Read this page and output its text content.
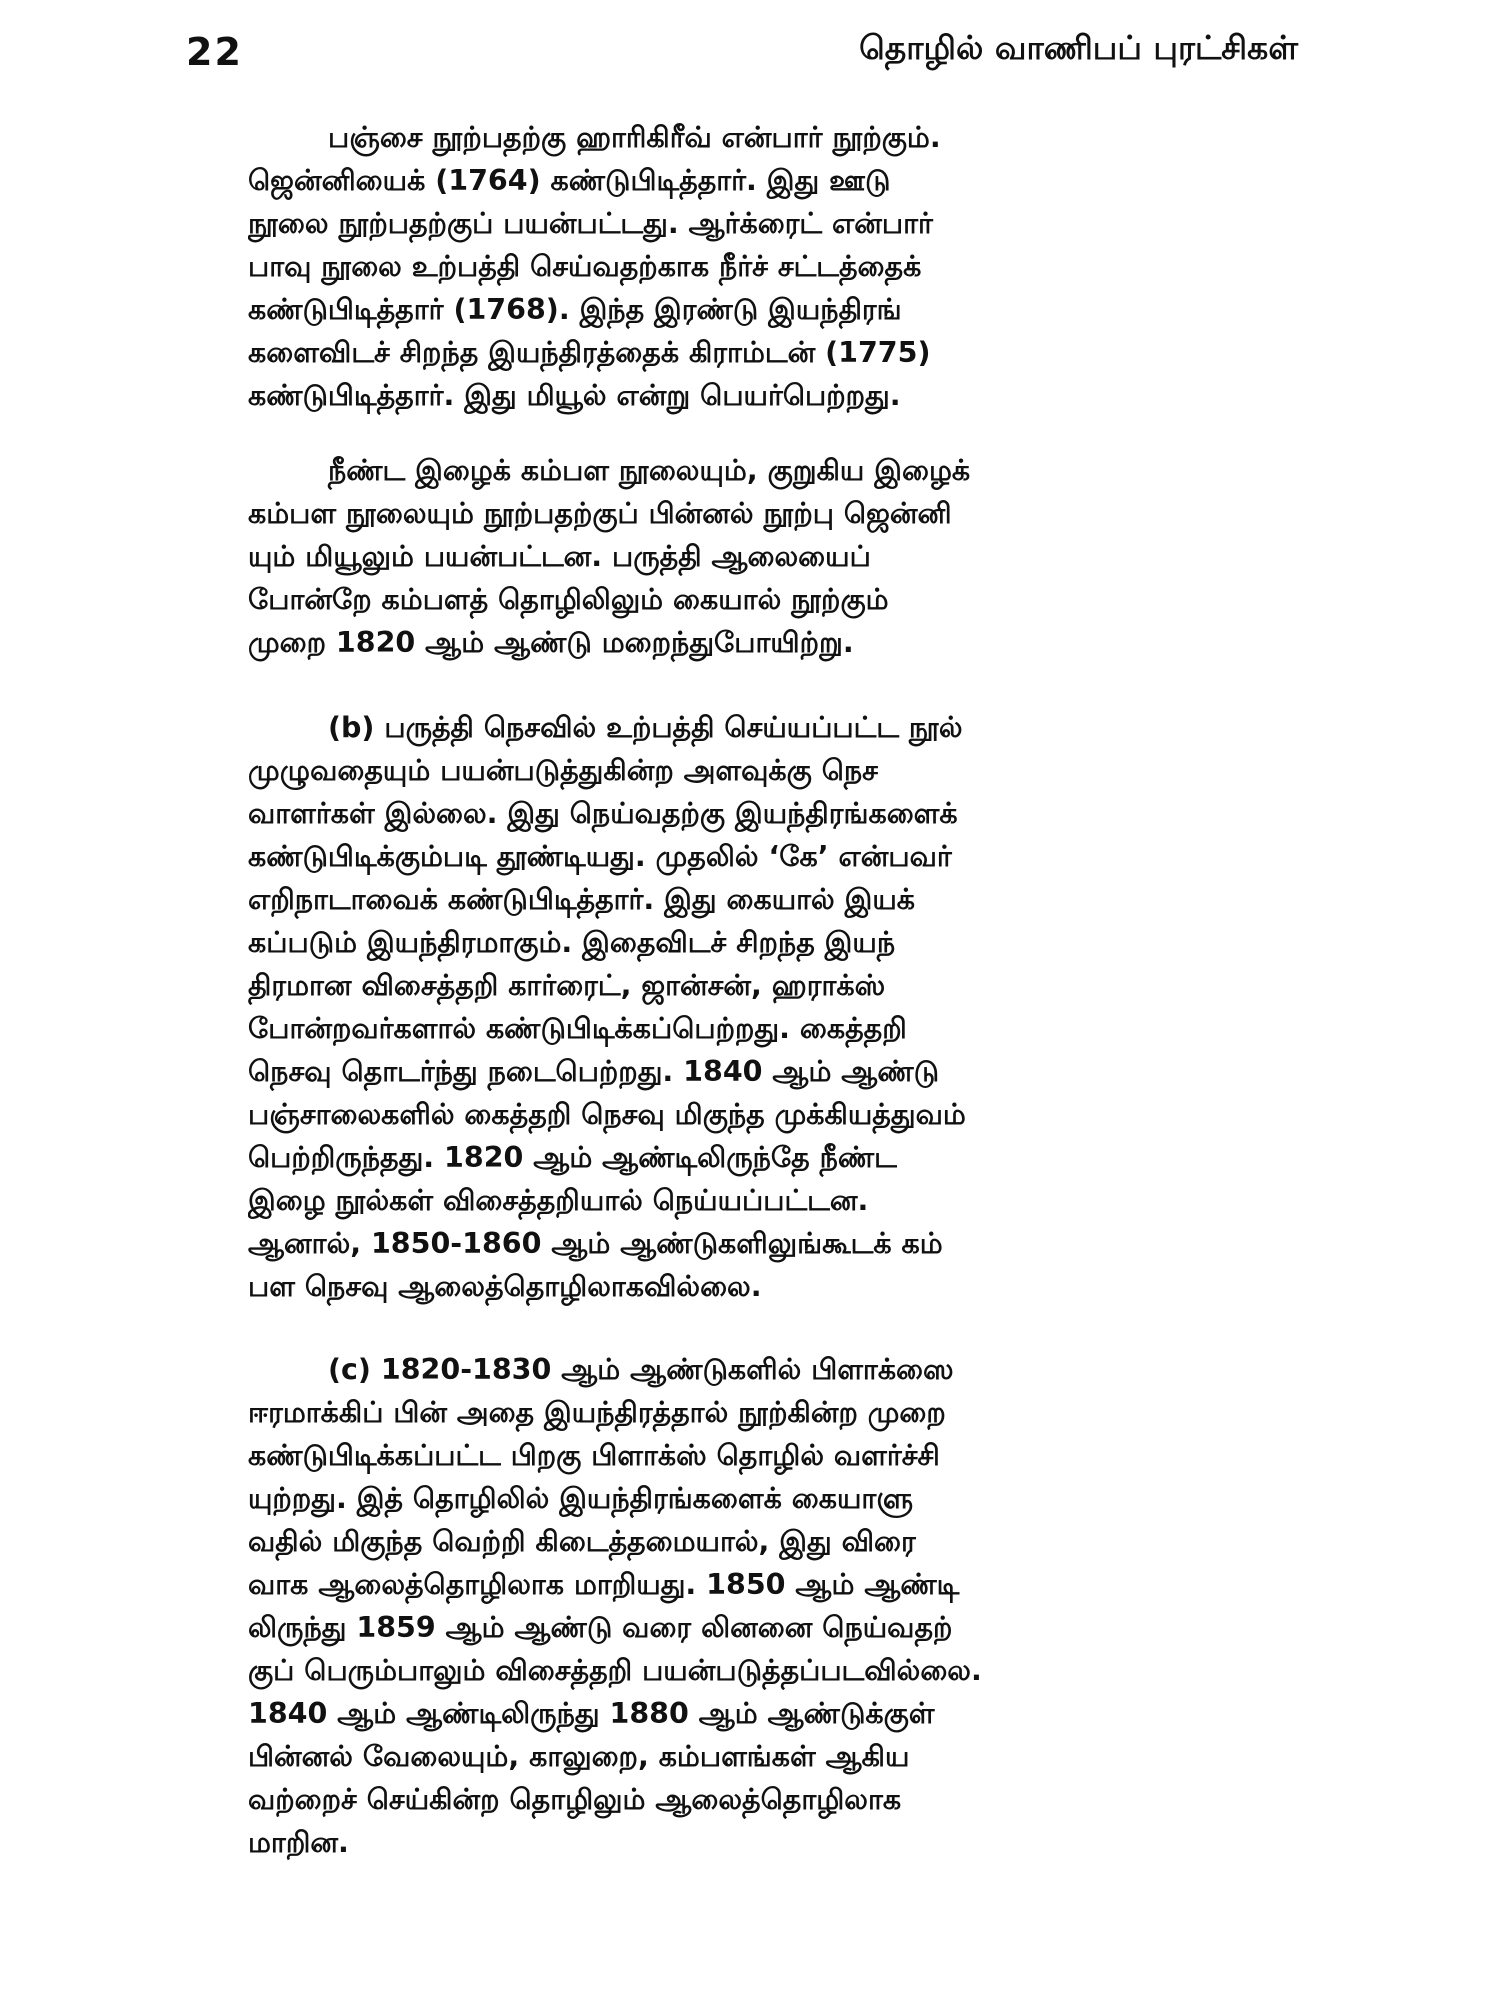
22	தொழில் வாணிபப் புரட்சிகள்

பஞ்சை நூற்பதற்கு ஹாரிகிரீவ் என்பார் நூற்கும்.
ஜென்னியைக் (1764) கண்டுபிடித்தார். இது ஊடு
நூலை நூற்பதற்குப் பயன்பட்டது. ஆர்க்ரைட் என்பார்
பாவு நூலை உற்பத்தி செய்வதற்காக நீர்ச் சட்டத்தைக்
கண்டுபிடித்தார் (1768). இந்த இரண்டு இயந்திரங்
களைவிடச் சிறந்த இயந்திரத்தைக் கிராம்டன் (1775)
கண்டுபிடித்தார். இது மியூல் என்று பெயர்பெற்றது.

நீண்ட இழைக் கம்பள நூலையும், குறுகிய இழைக்
கம்பள நூலையும் நூற்பதற்குப் பின்னல் நூற்பு ஜென்னி
யும் மியூலும் பயன்பட்டன. பருத்தி ஆலையைப்
போன்றே கம்பளத் தொழிலிலும் கையால் நூற்கும்
முறை 1820 ஆம் ஆண்டு மறைந்துபோயிற்று.

(b) பருத்தி நெசவில் உற்பத்தி செய்யப்பட்ட நூல்
முழுவதையும் பயன்படுத்துகின்ற அளவுக்கு நெச
வாளர்கள் இல்லை. இது நெய்வதற்கு இயந்திரங்களைக்
கண்டுபிடிக்கும்படி தூண்டியது. முதலில் ‘கே’ என்பவர்
எறிநாடாவைக் கண்டுபிடித்தார். இது கையால் இயக்
கப்படும் இயந்திரமாகும். இதைவிடச் சிறந்த இயந்
திரமான விசைத்தறி கார்ரைட், ஜான்சன், ஹராக்ஸ்
போன்றவர்களால் கண்டுபிடிக்கப்பெற்றது. கைத்தறி
நெசவு தொடர்ந்து நடைபெற்றது. 1840 ஆம் ஆண்டு
பஞ்சாலைகளில் கைத்தறி நெசவு மிகுந்த முக்கியத்துவம்
பெற்றிருந்தது. 1820 ஆம் ஆண்டிலிருந்தே நீண்ட
இழை நூல்கள் விசைத்தறியால் நெய்யப்பட்டன.
ஆனால், 1850-1860 ஆம் ஆண்டுகளிலுங்கூடக் கம்
பள நெசவு ஆலைத்தொழிலாகவில்லை.

(c) 1820-1830 ஆம் ஆண்டுகளில் பிளாக்ஸை
ஈரமாக்கிப் பின் அதை இயந்திரத்தால் நூற்கின்ற முறை
கண்டுபிடிக்கப்பட்ட பிறகு பிளாக்ஸ் தொழில் வளர்ச்சி
யுற்றது. இத் தொழிலில் இயந்திரங்களைக் கையாளு
வதில் மிகுந்த வெற்றி கிடைத்தமையால், இது விரை
வாக ஆலைத்தொழிலாக மாறியது. 1850 ஆம் ஆண்டி
லிருந்து 1859 ஆம் ஆண்டு வரை லினனை நெய்வதற்
குப் பெரும்பாலும் விசைத்தறி பயன்படுத்தப்படவில்லை.
1840 ஆம் ஆண்டிலிருந்து 1880 ஆம் ஆண்டுக்குள்
பின்னல் வேலையும், காலுறை, கம்பளங்கள் ஆகிய
வற்றைச் செய்கின்ற தொழிலும் ஆலைத்தொழிலாக
மாறின.
